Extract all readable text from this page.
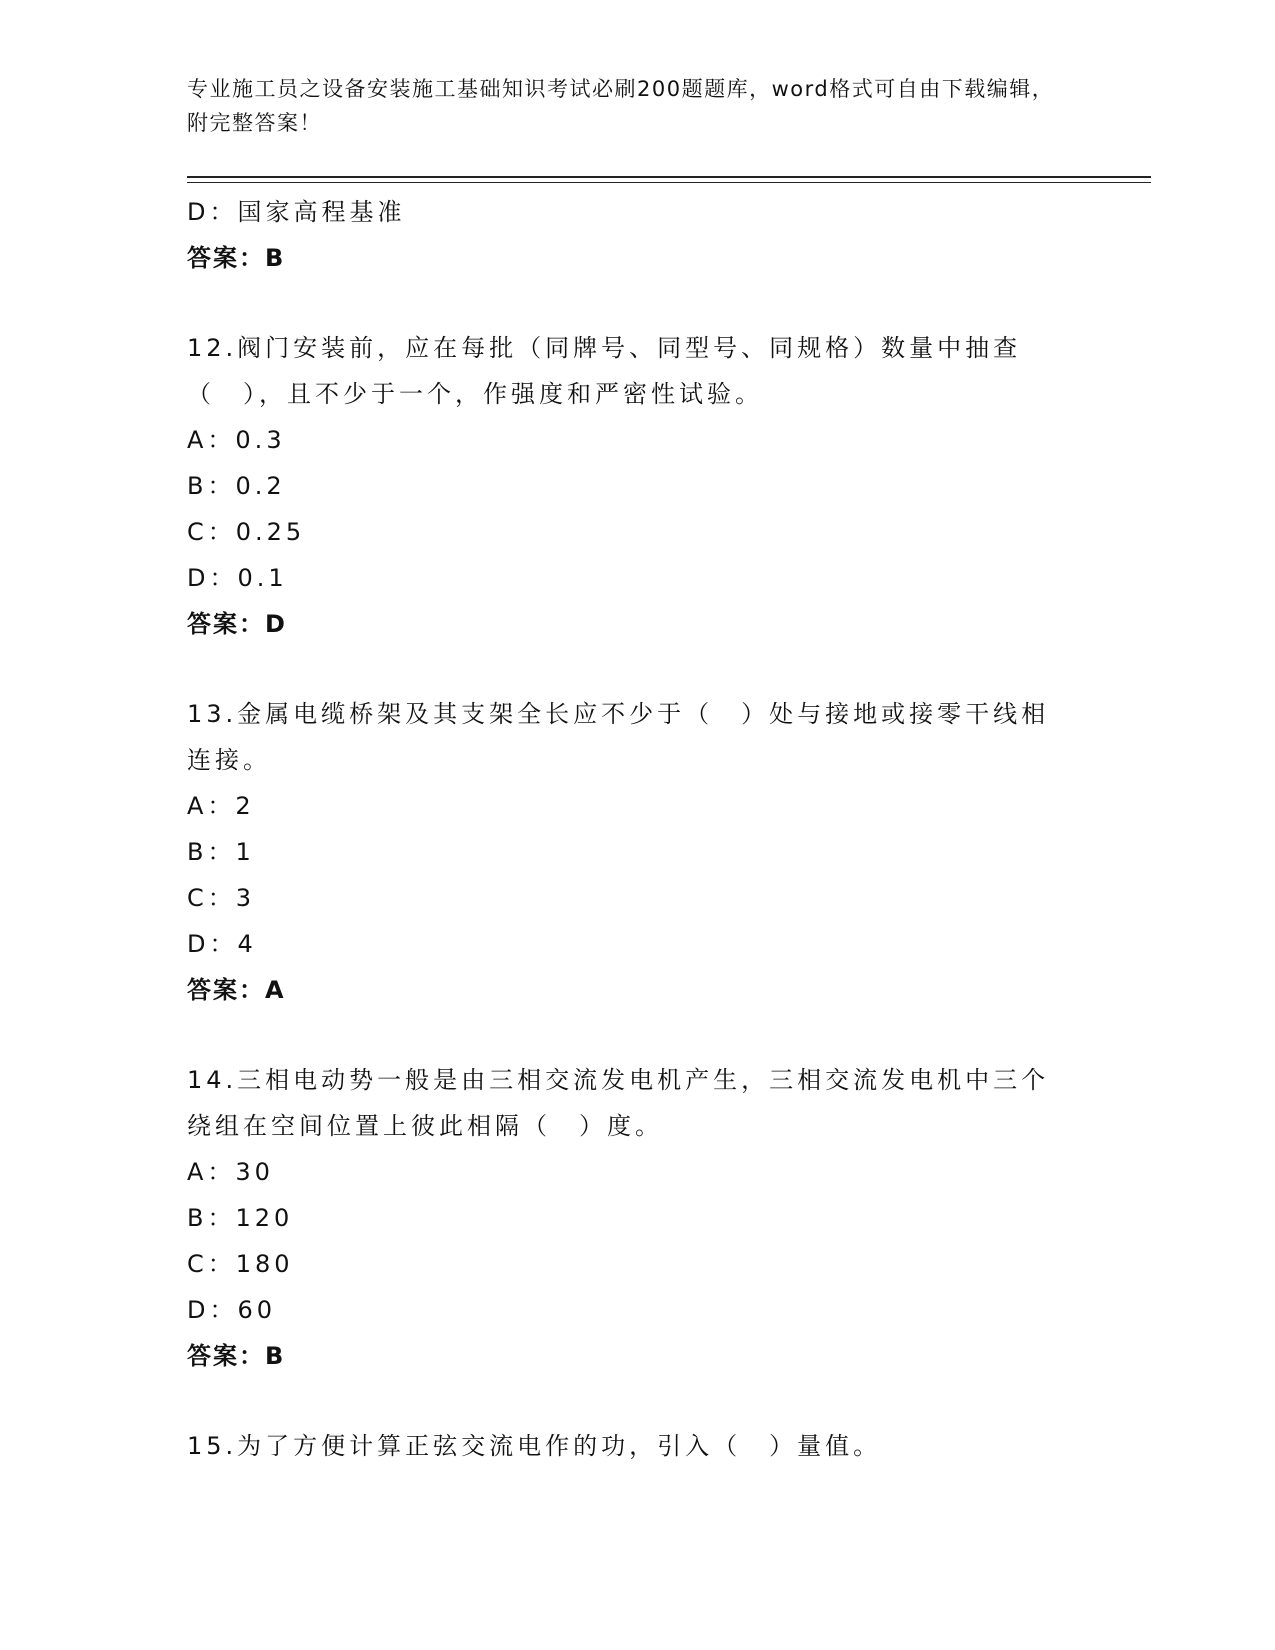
专业施工员之设备安装施工基础知识考试必刷200题题库，word格式可自由下载编辑，附完整答案！
D：国家高程基准
答案：B
12.阀门安装前，应在每批（同牌号、同型号、同规格）数量中抽查（　），且不少于一个，作强度和严密性试验。
A：0.3
B：0.2
C：0.25
D：0.1
答案：D
13.金属电缆桥架及其支架全长应不少于（　）处与接地或接零干线相连接。
A：2
B：1
C：3
D：4
答案：A
14.三相电动势一般是由三相交流发电机产生，三相交流发电机中三个绕组在空间位置上彼此相隔（　）度。
A：30
B：120
C：180
D：60
答案：B
15.为了方便计算正弦交流电作的功，引入（　）量值。
